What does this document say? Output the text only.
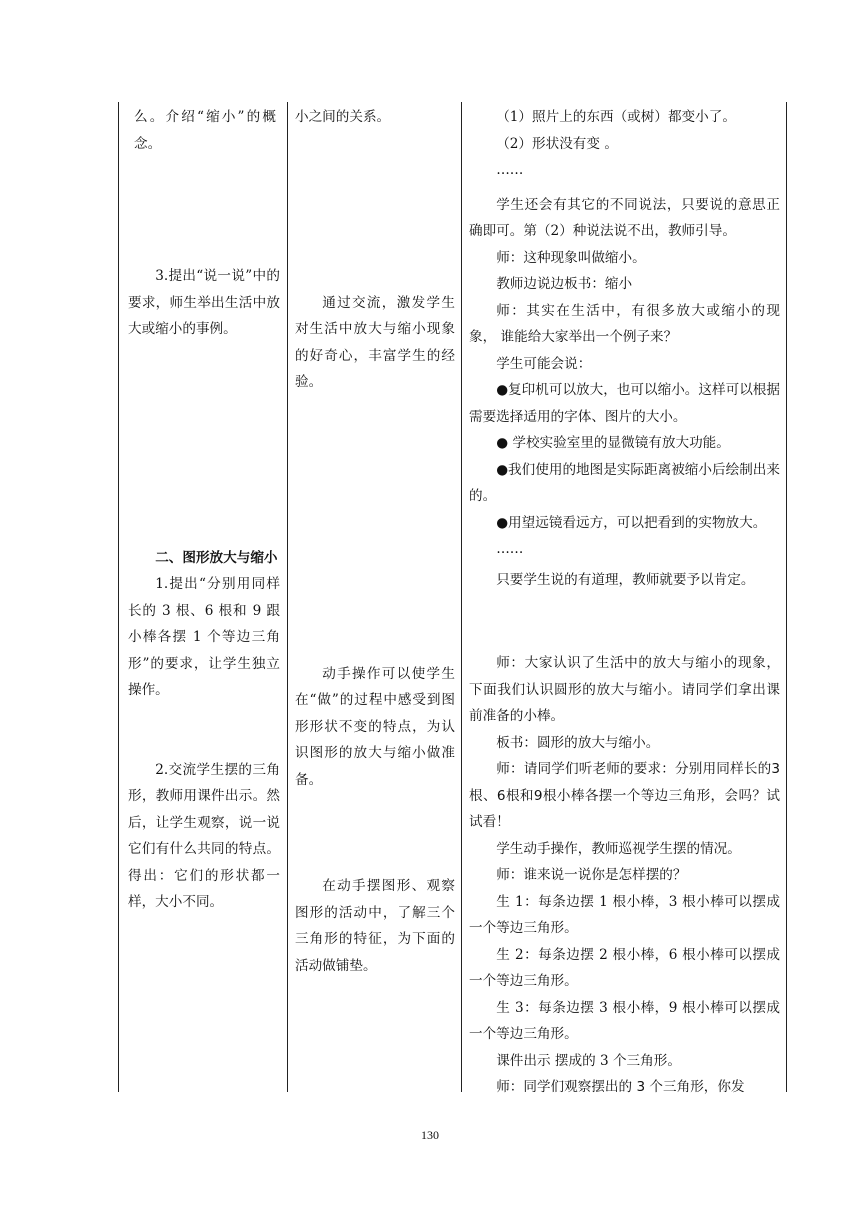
么。介绍“缩小”的概念。

3.提出“说一说”中的要求，师生举出生活中放大或缩小的事例。

二、图形放大与缩小

1.提出“分别用同样长的 3 根、6 根和 9 跟小棒各摆 1 个等边三角形”的要求，让学生独立操作。

2.交流学生摆的三角形，教师用课件出示。然后，让学生观察，说一说它们有什么共同的特点。得出：它们的形状都一样，大小不同。

小之间的关系。

通过交流，激发学生对生活中放大与缩小现象的好奇心，丰富学生的经验。

动手操作可以使学生在“做”的过程中感受到图形形状不变的特点，为认识图形的放大与缩小做准备。

在动手摆图形、观察图形的活动中，了解三个三角形的特征，为下面的活动做铺垫。

（1）照片上的东西（或树）都变小了。

（2）形状没有变 。

……

学生还会有其它的不同说法，只要说的意思正确即可。第（2）种说法说不出，教师引导。

师：这种现象叫做缩小。

教师边说边板书：缩小

师：其实在生活中，有很多放大或缩小的现象， 谁能给大家举出一个例子来？

学生可能会说：

●复印机可以放大，也可以缩小。这样可以根据需要选择适用的字体、图片的大小。

● 学校实验室里的显微镜有放大功能。

●我们使用的地图是实际距离被缩小后绘制出来的。

●用望远镜看远方，可以把看到的实物放大。

……

只要学生说的有道理，教师就要予以肯定。

师：大家认识了生活中的放大与缩小的现象，下面我们认识圆形的放大与缩小。请同学们拿出课前准备的小棒。

板书：圆形的放大与缩小。

师：请同学们听老师的要求：分别用同样长的3根、6根和9根小棒各摆一个等边三角形，会吗？试试看！

学生动手操作，教师巡视学生摆的情况。

师：谁来说一说你是怎样摆的？

生 1：每条边摆 1 根小棒，3 根小棒可以摆成一个等边三角形。

生 2：每条边摆 2 根小棒，6 根小棒可以摆成一个等边三角形。

生 3：每条边摆 3 根小棒，9 根小棒可以摆成一个等边三角形。

课件出示 摆成的 3 个三角形。

师：同学们观察摆出的 3 个三角形，你发

130
